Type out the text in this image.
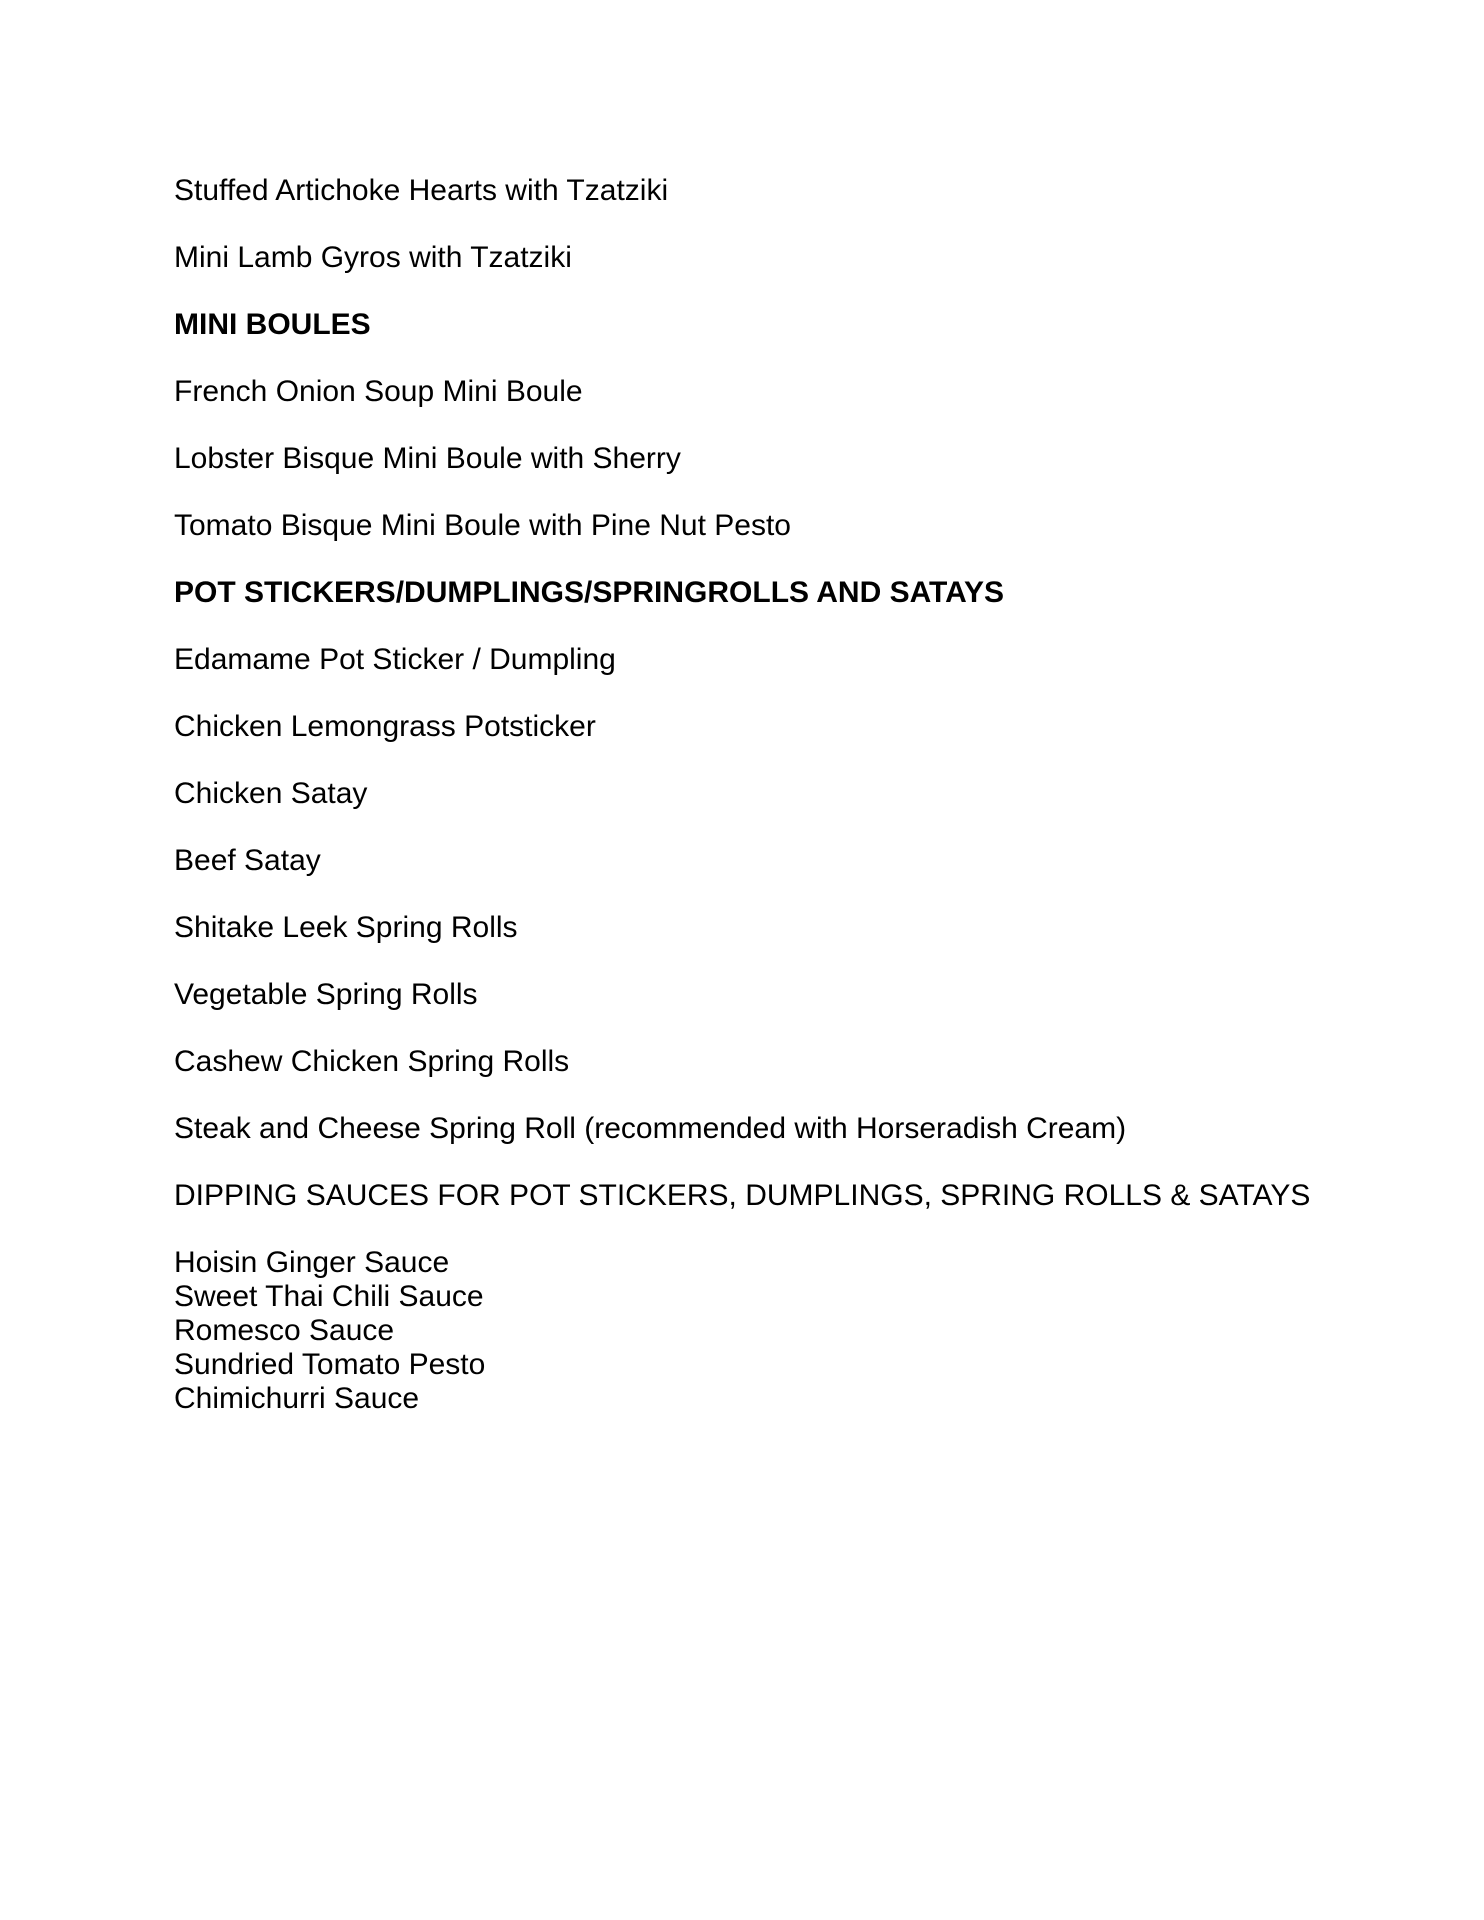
Stuffed Artichoke Hearts with Tzatziki

Mini Lamb Gyros with Tzatziki

MINI BOULES

French Onion Soup Mini Boule

Lobster Bisque Mini Boule with Sherry

Tomato Bisque Mini Boule with Pine Nut Pesto

POT STICKERS/DUMPLINGS/SPRINGROLLS AND SATAYS

Edamame Pot Sticker / Dumpling

Chicken Lemongrass Potsticker

Chicken Satay

Beef Satay

Shitake Leek Spring Rolls

Vegetable Spring Rolls

Cashew Chicken Spring Rolls

Steak and Cheese Spring Roll (recommended with Horseradish Cream)

DIPPING SAUCES FOR POT STICKERS, DUMPLINGS, SPRING ROLLS & SATAYS

Hoisin Ginger Sauce
Sweet Thai Chili Sauce
Romesco Sauce
Sundried Tomato Pesto
Chimichurri Sauce
